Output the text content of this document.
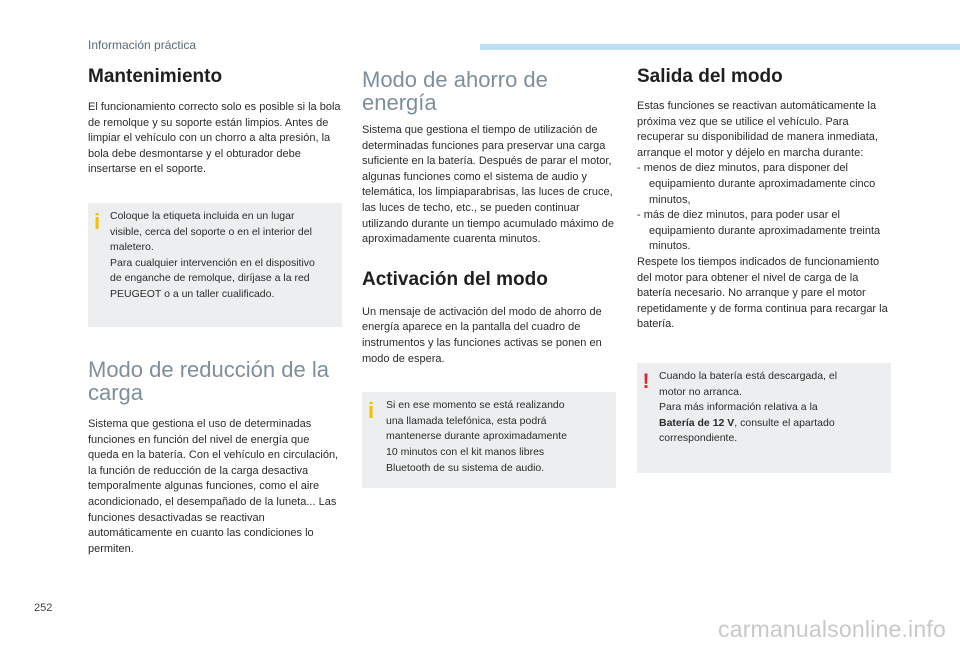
Información práctica
Mantenimiento

El funcionamiento correcto solo es posible si la bola de remolque y su soporte están limpios. Antes de limpiar el vehículo con un chorro a alta presión, la bola debe desmontarse y el obturador debe insertarse en el soporte.

i Coloque la etiqueta incluida en un lugar
visible, cerca del soporte o en el interior del
maletero.
Para cualquier intervención en el dispositivo
de enganche de remolque, diríjase a la red
PEUGEOT o a un taller cualificado.
Modo de reducción de la carga

Sistema que gestiona el uso de determinadas funciones en función del nivel de energía que queda en la batería. Con el vehículo en circulación, la función de reducción de la carga desactiva temporalmente algunas funciones, como el aire acondicionado, el desempañado de la luneta... Las funciones desactivadas se reactivan automáticamente en cuanto las condiciones lo permiten.

Modo de ahorro de energía

Sistema que gestiona el tiempo de utilización de determinadas funciones para preservar una carga suficiente en la batería. Después de parar el motor, algunas funciones como el sistema de audio y telemática, los limpiaparabrisas, las luces de cruce, las luces de techo, etc., se pueden continuar utilizando durante un tiempo acumulado máximo de aproximadamente cuarenta minutos.

Activación del modo

Un mensaje de activación del modo de ahorro de energía aparece en la pantalla del cuadro de instrumentos y las funciones activas se ponen en modo de espera.

i	Si en ese momento se está realizando
una llamada telefónica, esta podrá
mantenerse durante aproximadamente
10 minutos con el kit manos libres
Bluetooth de su sistema de audio.
Salida del modo

Estas funciones se reactivan automáticamente la próxima vez que se utilice el vehículo. Para recuperar su disponibilidad de manera inmediata, arranque el motor y déjelo en marcha durante:
- menos de diez minutos, para disponer del equipamiento durante aproximadamente cinco minutos,
- más de diez minutos, para poder usar el equipamiento durante aproximadamente treinta minutos.
Respete los tiempos indicados de funcionamiento del motor para obtener el nivel de carga de la batería necesario. No arranque y pare el motor repetidamente y de forma continua para recargar la batería.

! Cuando la batería está descargada, el
motor no arranca.
Para más información relativa a la
Batería de 12 V, consulte el apartado
correspondiente.
252
carmanualsonline.info
